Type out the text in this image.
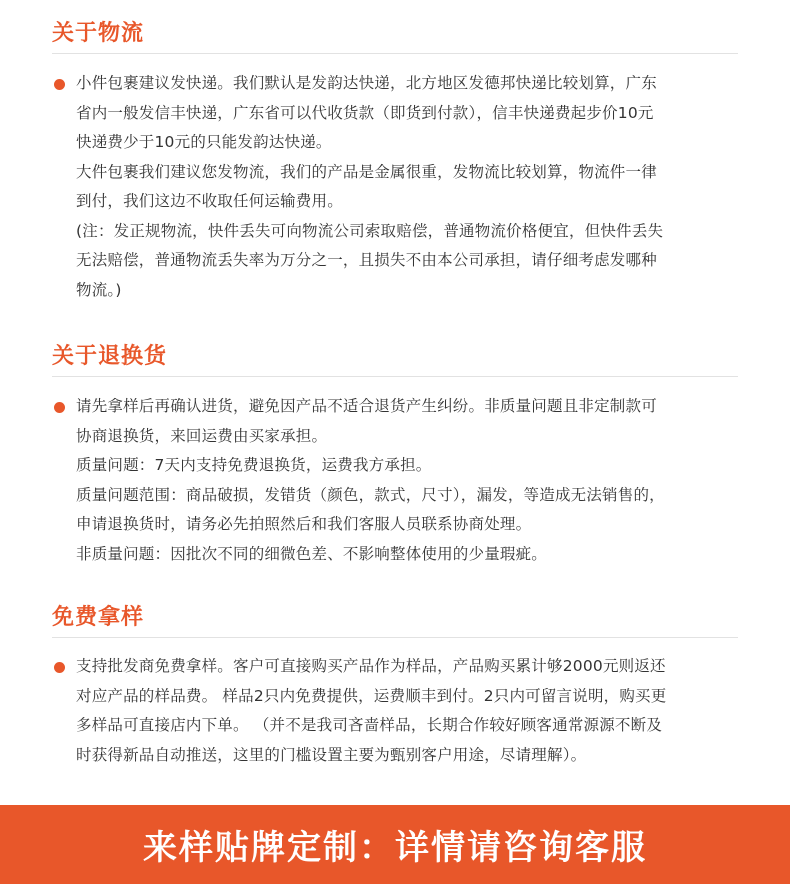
关于物流

小件包裹建议发快递。我们默认是发韵达快递，北方地区发德邦快递比较划算，广东
省内一般发信丰快递，广东省可以代收货款（即货到付款），信丰快递费起步价10元
快递费少于10元的只能发韵达快递。

大件包裹我们建议您发物流，我们的产品是金属很重，发物流比较划算，物流件一律
到付，我们这边不收取任何运输费用。

(注：发正规物流，快件丢失可向物流公司索取赔偿，普通物流价格便宜，但快件丢失
无法赔偿，普通物流丢失率为万分之一，且损失不由本公司承担，请仔细考虑发哪种
物流。)

关于退换货

请先拿样后再确认进货，避免因产品不适合退货产生纠纷。非质量问题且非定制款可
协商退换货，来回运费由买家承担。

质量问题：7天内支持免费退换货，运费我方承担。

质量问题范围：商品破损，发错货（颜色，款式，尺寸），漏发，等造成无法销售的，
申请退换货时，请务必先拍照然后和我们客服人员联系协商处理。

非质量问题：因批次不同的细微色差、不影响整体使用的少量瑕疵。

免费拿样

支持批发商免费拿样。客户可直接购买产品作为样品，产品购买累计够2000元则返还
对应产品的样品费。 样品2只内免费提供，运费顺丰到付。2只内可留言说明，购买更
多样品可直接店内下单。 （并不是我司吝啬样品，长期合作较好顾客通常源源不断及
时获得新品自动推送，这里的门槛设置主要为甄别客户用途，尽请理解）。

来样贴牌定制：详情请咨询客服
